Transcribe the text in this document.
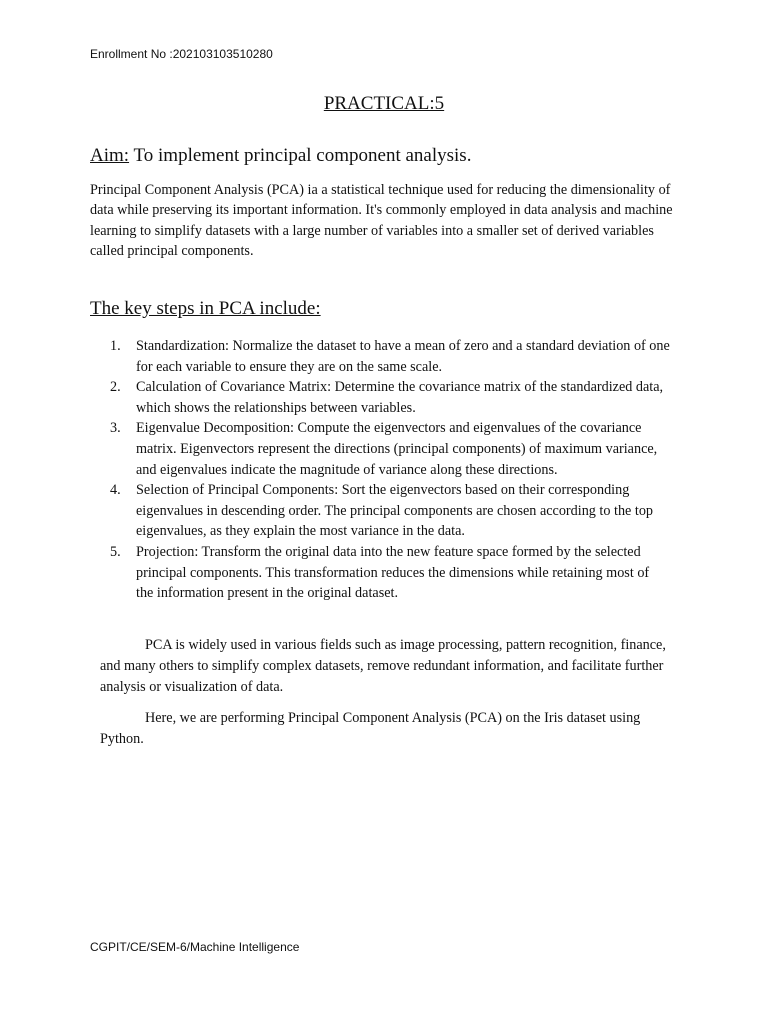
Enrollment No :202103103510280
PRACTICAL:5
Aim: To implement principal component analysis.

Principal Component Analysis (PCA) ia a statistical technique used for reducing the dimensionality of data while preserving its important information. It's commonly employed in data analysis and machine learning to simplify datasets with a large number of variables into a smaller set of derived variables called principal components.

The key steps in PCA include:
1. Standardization: Normalize the dataset to have a mean of zero and a standard deviation of one for each variable to ensure they are on the same scale.
2. Calculation of Covariance Matrix: Determine the covariance matrix of the standardized data, which shows the relationships between variables.
3. Eigenvalue Decomposition: Compute the eigenvectors and eigenvalues of the covariance matrix. Eigenvectors represent the directions (principal components) of maximum variance, and eigenvalues indicate the magnitude of variance along these directions.
4. Selection of Principal Components: Sort the eigenvectors based on their corresponding eigenvalues in descending order. The principal components are chosen according to the top eigenvalues, as they explain the most variance in the data.
5. Projection: Transform the original data into the new feature space formed by the selected principal components. This transformation reduces the dimensions while retaining most of the information present in the original dataset.

PCA is widely used in various fields such as image processing, pattern recognition, finance, and many others to simplify complex datasets, remove redundant information, and facilitate further analysis or visualization of data.

Here, we are performing Principal Component Analysis (PCA) on the Iris dataset using Python.

CGPIT/CE/SEM-6/Machine Intelligence
